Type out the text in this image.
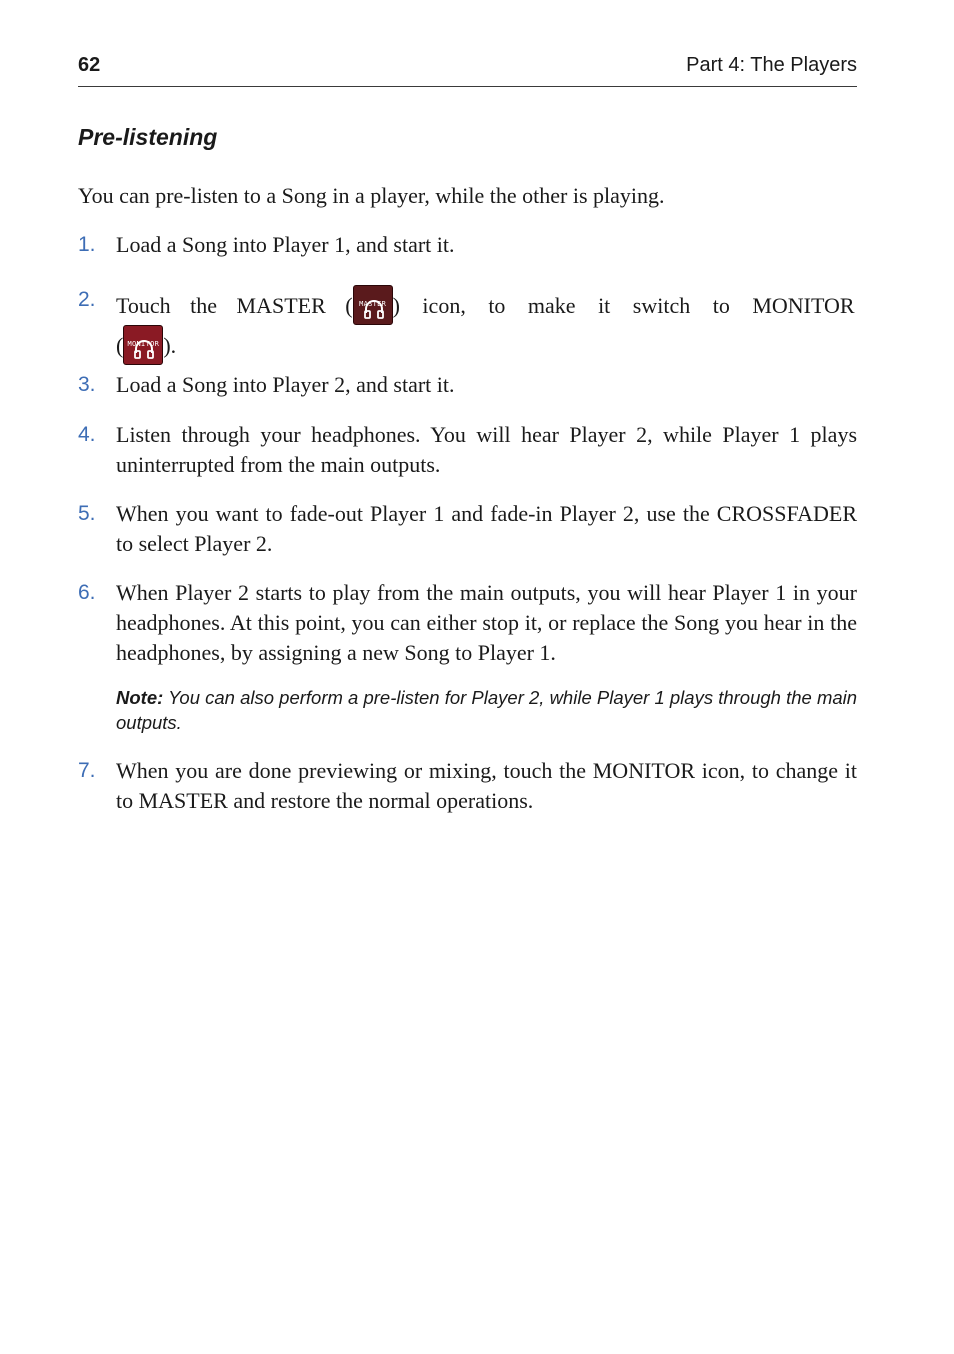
62	Part 4: The Players
Pre-listening
You can pre-listen to a Song in a player, while the other is playing.
1. Load a Song into Player 1, and start it.
2. Touch the MASTER ( MASTER ) icon, to make it switch to MONITOR ( MONITOR ).
3. Load a Song into Player 2, and start it.
4. Listen through your headphones. You will hear Player 2, while Player 1 plays uninterrupted from the main outputs.
5. When you want to fade-out Player 1 and fade-in Player 2, use the CROSSFADER to select Player 2.
6. When Player 2 starts to play from the main outputs, you will hear Player 1 in your headphones. At this point, you can either stop it, or replace the Song you hear in the headphones, by assigning a new Song to Player 1.
Note: You can also perform a pre-listen for Player 2, while Player 1 plays through the main outputs.
7. When you are done previewing or mixing, touch the MONITOR icon, to change it to MASTER and restore the normal operations.
